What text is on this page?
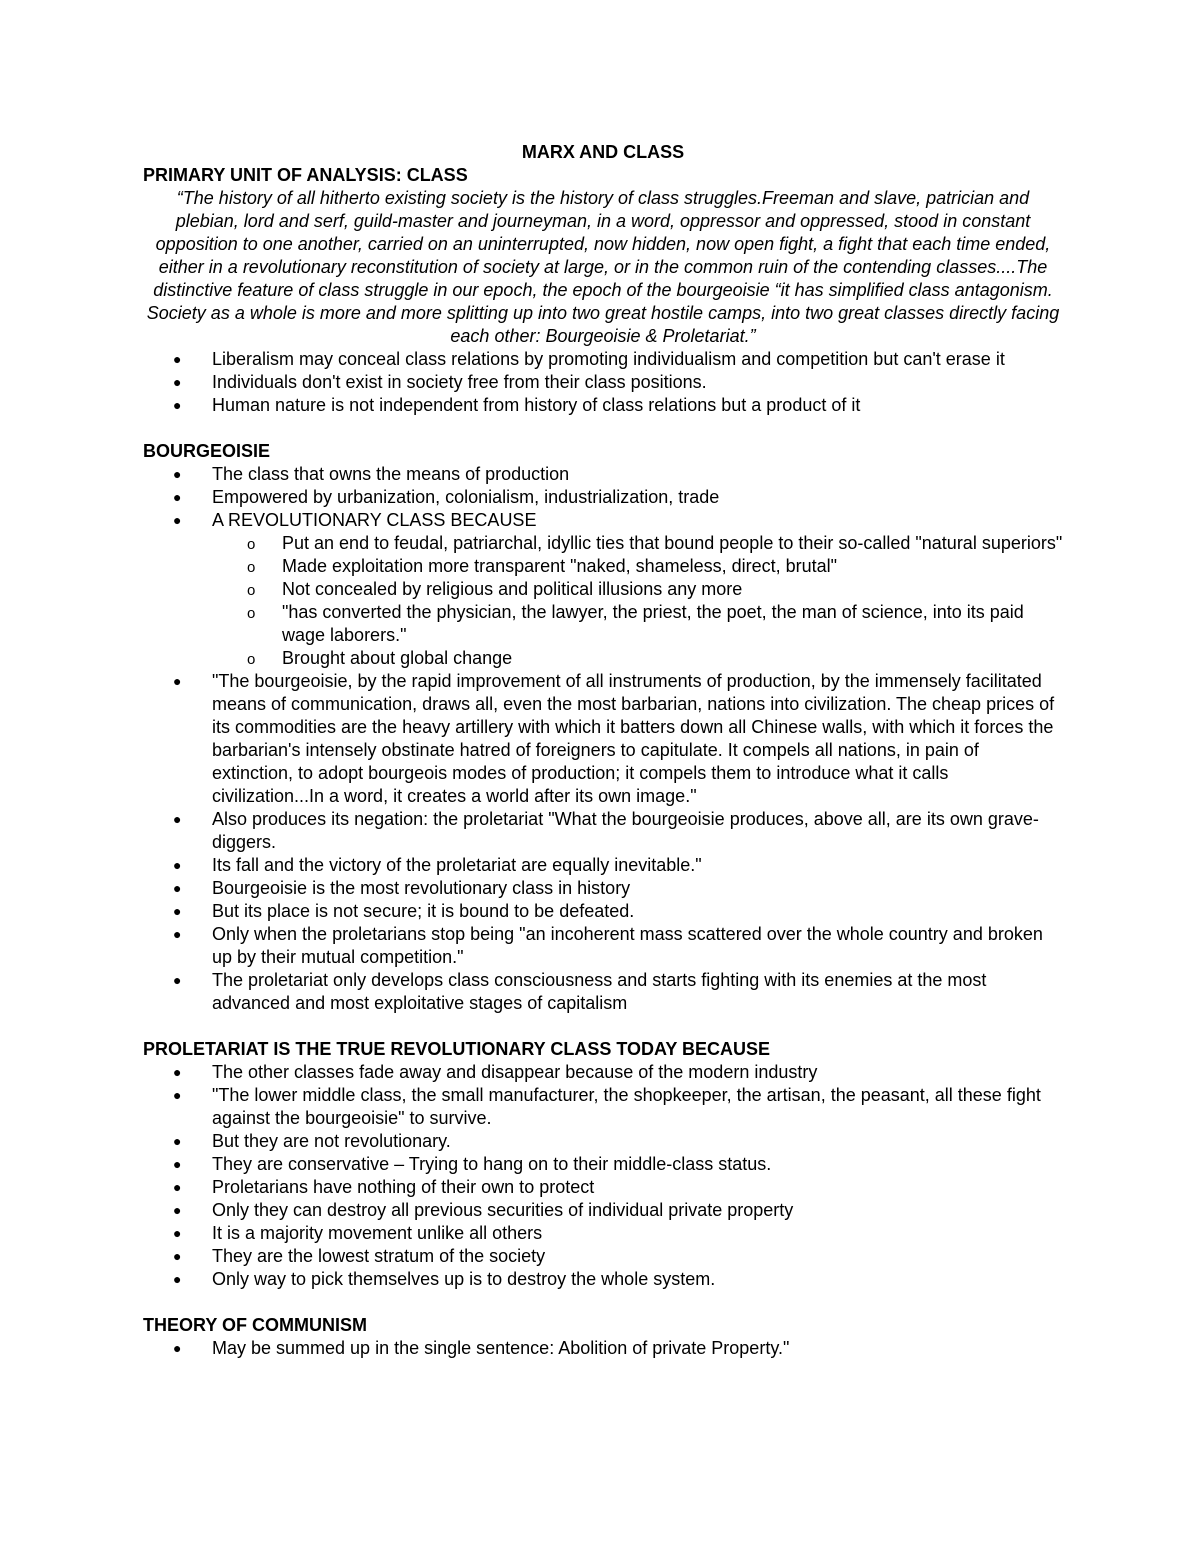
MARX AND CLASS

PRIMARY UNIT OF ANALYSIS: CLASS

“The history of all hitherto existing society is the history of class struggles.Freeman and slave, patrician and plebian, lord and serf, guild-master and journeyman, in a word, oppressor and oppressed, stood in constant opposition to one another, carried on an uninterrupted, now hidden, now open fight, a fight that each time ended, either in a revolutionary reconstitution of society at large, or in the common ruin of the contending classes....The distinctive feature of class struggle in our epoch, the epoch of the bourgeoisie “it has simplified class antagonism. Society as a whole is more and more splitting up into two great hostile camps, into two great classes directly facing each other: Bourgeoisie & Proletariat.”

● Liberalism may conceal class relations by promoting individualism and competition but can't erase it
● Individuals don't exist in society free from their class positions.
● Human nature is not independent from history of class relations but a product of it

BOURGEOISIE

● The class that owns the means of production
● Empowered by urbanization, colonialism, industrialization, trade
● A REVOLUTIONARY CLASS BECAUSE
o Put an end to feudal, patriarchal, idyllic ties that bound people to their so-called "natural superiors"
o Made exploitation more transparent "naked, shameless, direct, brutal"
o Not concealed by religious and political illusions any more
o "has converted the physician, the lawyer, the priest, the poet, the man of science, into its paid wage laborers."
o Brought about global change
● "The bourgeoisie, by the rapid improvement of all instruments of production, by the immensely facilitated means of communication, draws all, even the most barbarian, nations into civilization. The cheap prices of its commodities are the heavy artillery with which it batters down all Chinese walls, with which it forces the barbarian's intensely obstinate hatred of foreigners to capitulate. It compels all nations, in pain of extinction, to adopt bourgeois modes of production; it compels them to introduce what it calls civilization...In a word, it creates a world after its own image."
● Also produces its negation: the proletariat "What the bourgeoisie produces, above all, are its own grave-diggers.
● Its fall and the victory of the proletariat are equally inevitable."
● Bourgeoisie is the most revolutionary class in history
● But its place is not secure; it is bound to be defeated.
● Only when the proletarians stop being "an incoherent mass scattered over the whole country and broken up by their mutual competition."
● The proletariat only develops class consciousness and starts fighting with its enemies at the most advanced and most exploitative stages of capitalism

PROLETARIAT IS THE TRUE REVOLUTIONARY CLASS TODAY BECAUSE

● The other classes fade away and disappear because of the modern industry
● "The lower middle class, the small manufacturer, the shopkeeper, the artisan, the peasant, all these fight against the bourgeoisie" to survive.
● But they are not revolutionary.
● They are conservative – Trying to hang on to their middle-class status.
● Proletarians have nothing of their own to protect
● Only they can destroy all previous securities of individual private property
● It is a majority movement unlike all others
● They are the lowest stratum of the society
● Only way to pick themselves up is to destroy the whole system.

THEORY OF COMMUNISM

● May be summed up in the single sentence: Abolition of private Property."
